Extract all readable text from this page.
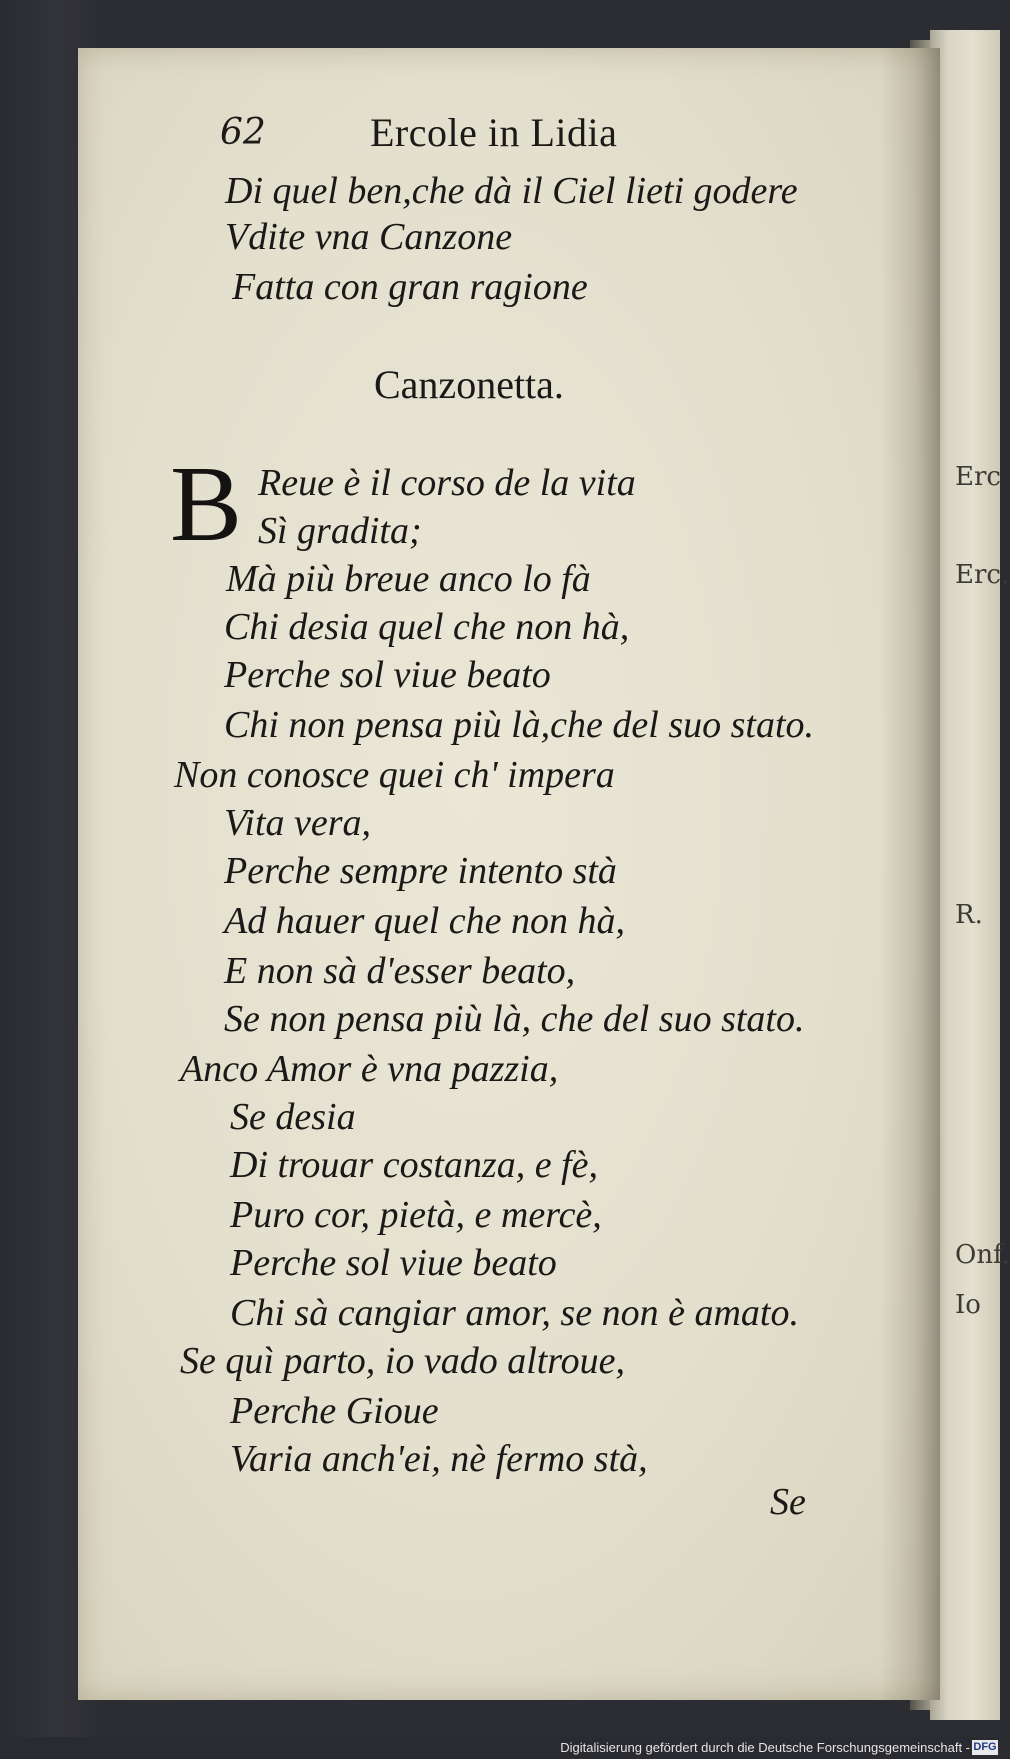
Erc
Erc.
R.
Onf.
Io
62	Ercole in Lidia
Di quel ben,che dà il Ciel lieti godere
Vdite vna Canzone
Fatta con gran ragione
Canzonetta.
B Reue è il corso de la vita
Sì gradita;
Mà più breue anco lo fà
Chi desia quel che non hà,
Perche sol viue beato
Chi non pensa più là,che del suo stato.
Non conosce quei ch' impera
Vita vera,
Perche sempre intento stà
Ad hauer quel che non hà,
E non sà d'esser beato,
Se non pensa più là, che del suo stato.
Anco Amor è vna pazzia,
Se desia
Di trouar costanza, e fè,
Puro cor, pietà, e mercè,
Perche sol viue beato
Chi sà cangiar amor, se non è amato.
Se quì parto, io vado altroue,
Perche Gioue
Varia anch'ei, nè fermo stà,
Se
Digitalisierung gefördert durch die Deutsche Forschungsgemeinschaft - DFG
